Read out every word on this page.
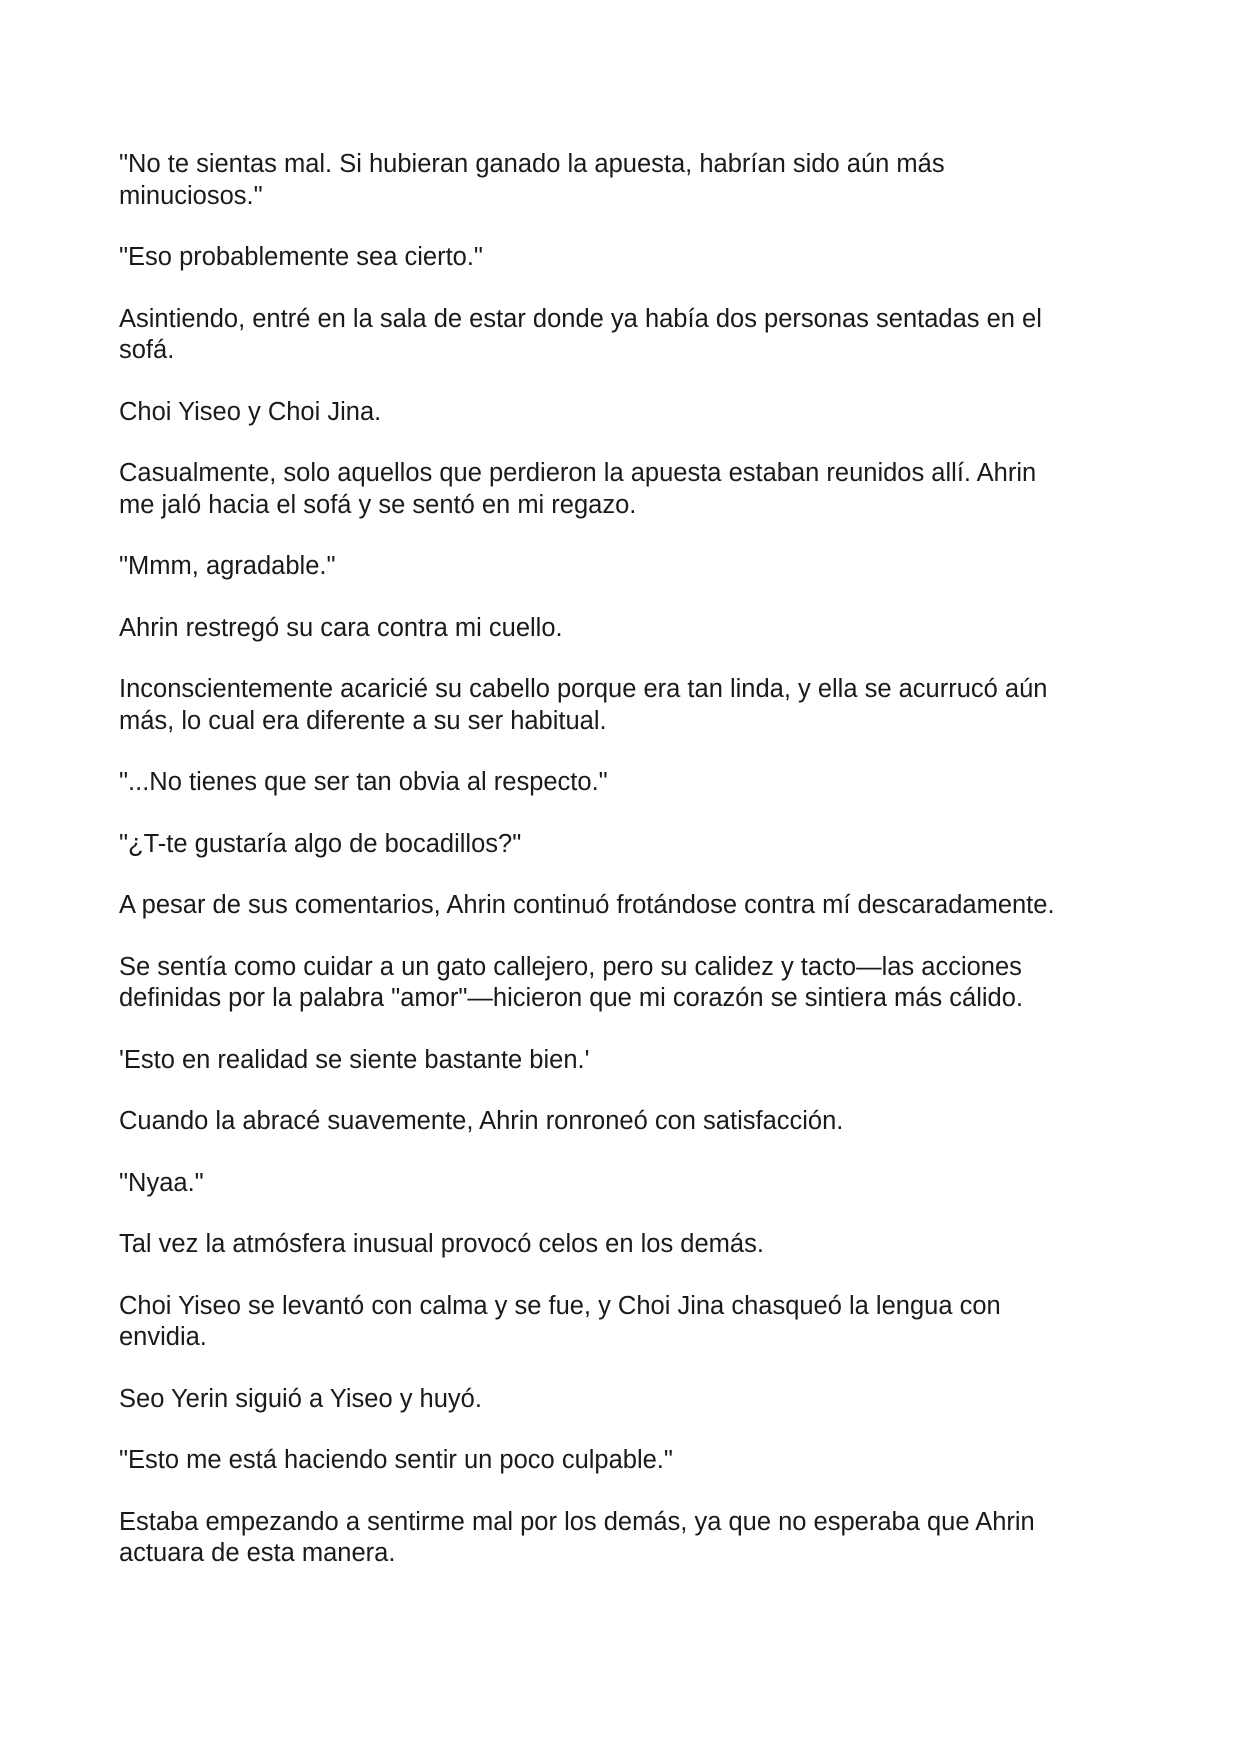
"No te sientas mal. Si hubieran ganado la apuesta, habrían sido aún más
minuciosos."

"Eso probablemente sea cierto."

Asintiendo, entré en la sala de estar donde ya había dos personas sentadas en el
sofá.

Choi Yiseo y Choi Jina.

Casualmente, solo aquellos que perdieron la apuesta estaban reunidos allí. Ahrin
me jaló hacia el sofá y se sentó en mi regazo.

"Mmm, agradable."

Ahrin restregó su cara contra mi cuello.

Inconscientemente acaricié su cabello porque era tan linda, y ella se acurrucó aún
más, lo cual era diferente a su ser habitual.

"...No tienes que ser tan obvia al respecto."

"¿T-te gustaría algo de bocadillos?"

A pesar de sus comentarios, Ahrin continuó frotándose contra mí descaradamente.

Se sentía como cuidar a un gato callejero, pero su calidez y tacto—las acciones
definidas por la palabra "amor"—hicieron que mi corazón se sintiera más cálido.

'Esto en realidad se siente bastante bien.'

Cuando la abracé suavemente, Ahrin ronroneó con satisfacción.

"Nyaa."

Tal vez la atmósfera inusual provocó celos en los demás.

Choi Yiseo se levantó con calma y se fue, y Choi Jina chasqueó la lengua con
envidia.

Seo Yerin siguió a Yiseo y huyó.

"Esto me está haciendo sentir un poco culpable."

Estaba empezando a sentirme mal por los demás, ya que no esperaba que Ahrin
actuara de esta manera.
